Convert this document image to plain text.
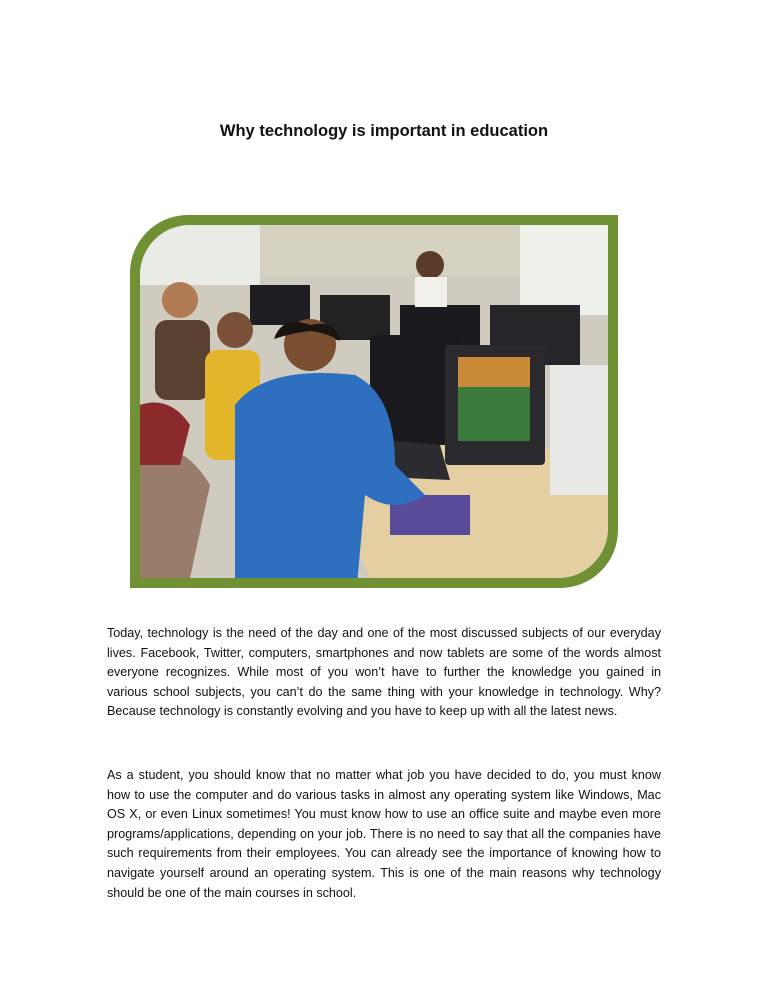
Why technology is important in education
Today, technology is the need of the day and one of the most discussed subjects of our everyday
lives. Facebook, Twitter, computers, smartphones and now tablets are some of the words almost
everyone recognizes. While most of you won’t have to further the knowledge you gained in
various school subjects, you can’t do the same thing with your knowledge in technology. Why?
Because technology is constantly evolving and you have to keep up with all the latest news.
As a student, you should know that no matter what job you have decided to do, you must know
how to use the computer and do various tasks in almost any operating system like Windows, Mac
OS X, or even Linux sometimes! You must know how to use an office suite and maybe even more
programs/applications, depending on your job. There is no need to say that all the companies have
such requirements from their employees. You can already see the importance of knowing how to
navigate yourself around an operating system. This is one of the main reasons why technology
should be one of the main courses in school.
